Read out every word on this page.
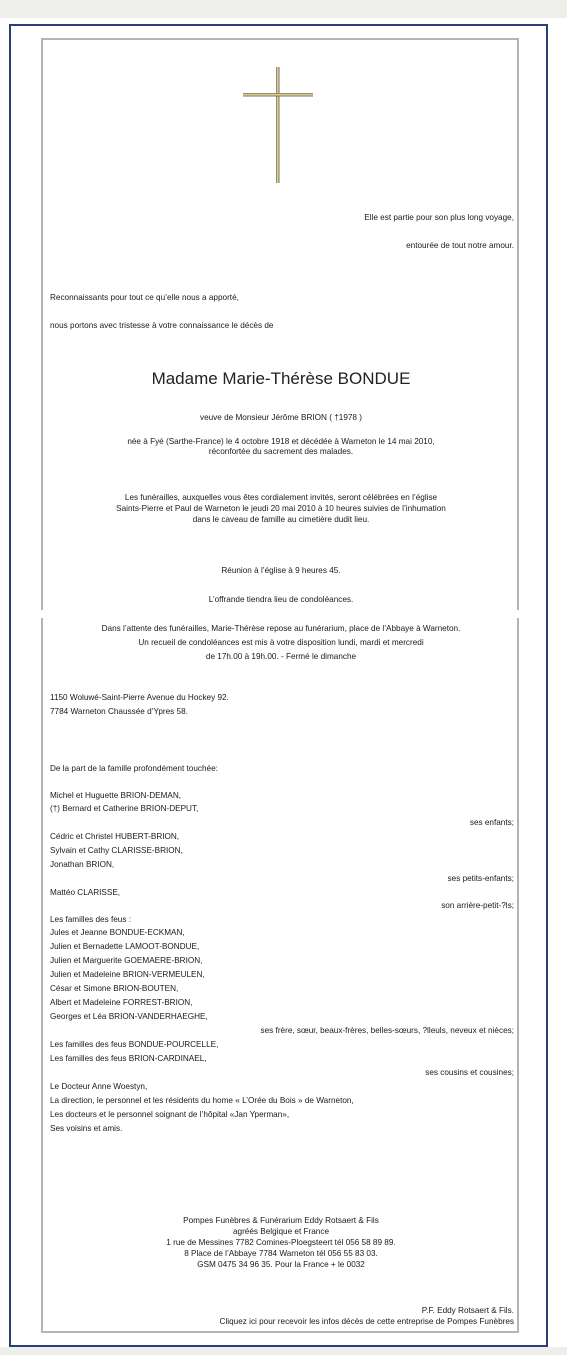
Elle est partie pour son plus long voyage,
entourée de tout notre amour.
Reconnaissants pour tout ce qu’elle nous a apporté,
nous portons avec tristesse à votre connaissance le décès de
Madame Marie-Thérèse BONDUE
veuve de Monsieur Jérôme BRION ( †1978 )
née à Fyé (Sarthe-France) le 4 octobre 1918 et décédée à Warneton le 14 mai 2010,
réconfortée du sacrement des malades.
Les funérailles, auxquelles vous êtes cordialement invités, seront célébrées en l’église
Saints-Pierre et Paul de Warneton le jeudi 20 mai 2010 à 10 heures suivies de l’inhumation
dans le caveau de famille au cimetière dudit lieu.
Réunion à l’église à 9 heures 45.
L’offrande tiendra lieu de condoléances.
Dans l’attente des funérailles, Marie-Thérèse repose au funérarium, place de l’Abbaye à Warneton.
Un recueil de condoléances est mis à votre disposition lundi, mardi et mercredi
de 17h.00 à 19h.00. - Fermé le dimanche
1150 Woluwé-Saint-Pierre Avenue du Hockey 92.
7784 Warneton Chaussée d’Ypres 58.
De la part de la famille profondément touchée:
Michel et Huguette BRION-DEMAN,
(†) Bernard et Catherine BRION-DEPUT,
ses enfants;
Cédric et Christel HUBERT-BRION,
Sylvain et Cathy CLARISSE-BRION,
Jonathan BRION,
ses petits-enfants;
Mattéo CLARISSE,
son arrière-petit-?ls;
Les familles des feus :
Jules et Jeanne BONDUE-ECKMAN,
Julien et Bernadette LAMOOT-BONDUE,
Julien et Marguerite GOEMAERE-BRION,
Julien et Madeleine BRION-VERMEULEN,
César et Simone BRION-BOUTEN,
Albert et Madeleine FORREST-BRION,
Georges et Léa BRION-VANDERHAEGHE,
ses frère, sœur, beaux-frères, belles-sœurs, ?lleuls, neveux et nièces;
Les familles des feus BONDUE-POURCELLE,
Les familles des feus BRION-CARDINAEL,
ses cousins et cousines;
Le Docteur Anne Woestyn,
La direction, le personnel et les résidents du home « L’Orée du Bois » de Warneton,
Les docteurs et le personnel soignant de l’hôpital «Jan Yperman»,
Ses voisins et amis.
Pompes Funèbres & Funérarium Eddy Rotsaert & Fils
agréés Belgique et France
1 rue de Messines 7782 Comines-Ploegsteert tél 056 58 89 89.
8 Place de l’Abbaye 7784 Warneton tél 056 55 83 03.
GSM 0475 34 96 35. Pour la France + le 0032
P.F. Eddy Rotsaert & Fils.
Cliquez ici pour recevoir les infos décès de cette entreprise de Pompes Funèbres
